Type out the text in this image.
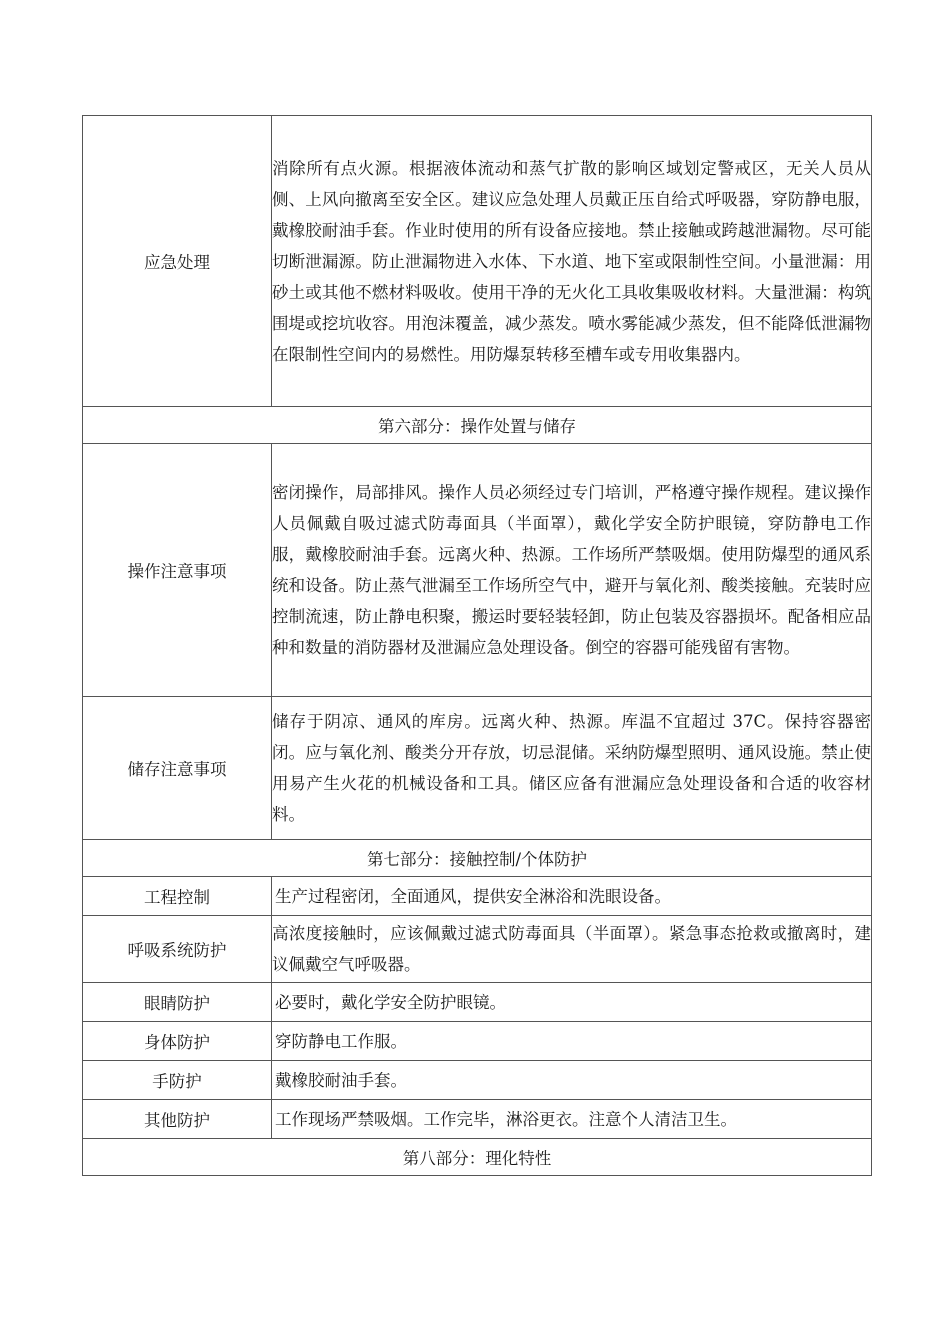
应急处理	消除所有点火源。根据液体流动和蒸气扩散的影响区域划定警戒区，无关人员从侧、上风向撤离至安全区。建议应急处理人员戴正压自给式呼吸器，穿防静电服，戴橡胶耐油手套。作业时使用的所有设备应接地。禁止接触或跨越泄漏物。尽可能切断泄漏源。防止泄漏物进入水体、下水道、地下室或限制性空间。小量泄漏：用砂土或其他不燃材料吸收。使用干净的无火化工具收集吸收材料。大量泄漏：构筑围堤或挖坑收容。用泡沫覆盖，减少蒸发。喷水雾能减少蒸发，但不能降低泄漏物在限制性空间内的易燃性。用防爆泵转移至槽车或专用收集器内。
第六部分：操作处置与储存	
操作注意事项	密闭操作，局部排风。操作人员必须经过专门培训，严格遵守操作规程。建议操作人员佩戴自吸过滤式防毒面具（半面罩），戴化学安全防护眼镜，穿防静电工作服，戴橡胶耐油手套。远离火种、热源。工作场所严禁吸烟。使用防爆型的通风系统和设备。防止蒸气泄漏至工作场所空气中，避开与氧化剂、酸类接触。充装时应控制流速，防止静电积聚，搬运时要轻装轻卸，防止包装及容器损坏。配备相应品种和数量的消防器材及泄漏应急处理设备。倒空的容器可能残留有害物。
储存注意事项	储存于阴凉、通风的库房。远离火种、热源。库温不宜超过 37C。保持容器密闭。应与氧化剂、酸类分开存放，切忌混储。采纳防爆型照明、通风设施。禁止使用易产生火花的机械设备和工具。储区应备有泄漏应急处理设备和合适的收容材料。
第七部分：接触控制/个体防护	
工程控制	生产过程密闭，全面通风，提供安全淋浴和洗眼设备。
呼吸系统防护	高浓度接触时，应该佩戴过滤式防毒面具（半面罩）。紧急事态抢救或撤离时，建议佩戴空气呼吸器。
眼睛防护	必要时，戴化学安全防护眼镜。
身体防护	穿防静电工作服。
手防护	戴橡胶耐油手套。
其他防护	工作现场严禁吸烟。工作完毕，淋浴更衣。注意个人清洁卫生。
第八部分：理化特性	
